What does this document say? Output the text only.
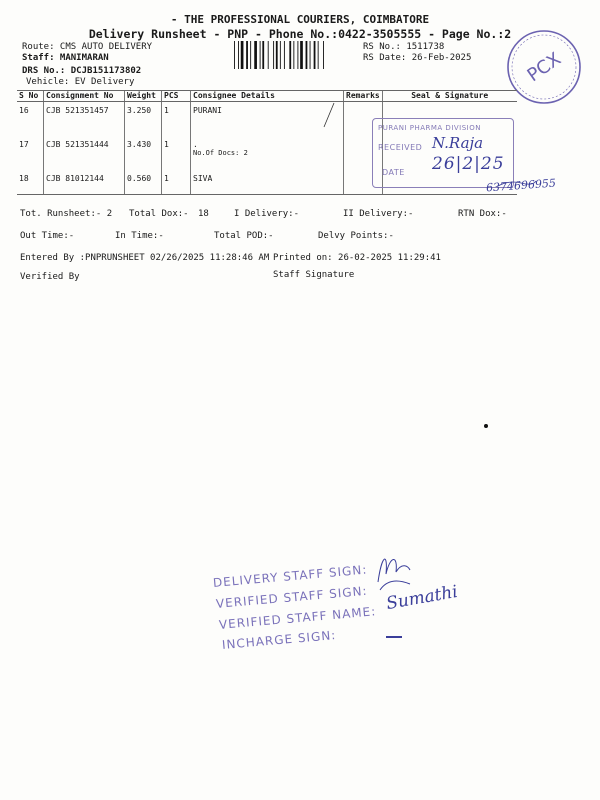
- THE PROFESSIONAL COURIERS, COIMBATORE
Delivery Runsheet - PNP - Phone No.:0422-3505555 - Page No.:2
Route: CMS AUTO DELIVERY
Staff: MANIMARAN
DRS No.: DCJB151173802
Vehicle: EV Delivery
RS No.: 1511738
RS Date: 26-Feb-2025	PCX
S No	Consignment No	Weight	PCS	Consignee Details	Remarks	Seal & Signature
16	CJB 521351457	3.250	1	PURANI		
17	CJB 521351444	3.430	1	.
No.Of Docs: 2		

18	CJB 81012144	0.560	1	SIVA		
PURANI PHARMA DIVISION
RECEIVED N.Raja
DATE 26|2|25
6374696955
Tot. Runsheet:- 2 Total Dox:- 18	I Delivery:-	II Delivery:-	RTN Dox:-
Out Time:-	In Time:-	Total POD:-	Delvy Points:-
Entered By :PNPRUNSHEET 02/26/2025 11:28:46 AM Printed on: 26-02-2025 11:29:41
Verified By	Staff Signature
DELIVERY STAFF SIGN:
VERIFIED STAFF SIGN:
VERIFIED STAFF NAME:
INCHARGE SIGN:
Sumathi
